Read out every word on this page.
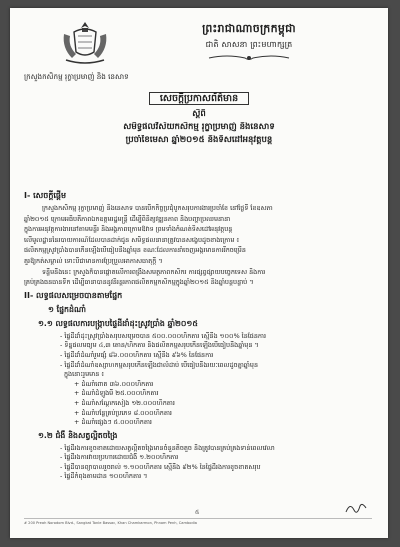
ព្រះរាជាណាចក្រកម្ពុជា
ជាតិ សាសនា ព្រះមហាក្សត្រ
ក្រសួងកសិកម្ម រុក្ខាប្រមាញ់ និង នេសាទ
សេចក្តីប្រកាសព័ត៌មាន
ស្តីពី
សមិទ្ធផលវិស័យកសិកម្ម រុក្ខាប្រមាញ់ និងនេសាទ
ប្រចាំខែមេសា ឆ្នាំ២០១៥ និងទិសដៅអនុវត្តបន្ត
I- សេចក្តីផ្តើម
ក្រសួងកសិកម្ម រុក្ខាប្រមាញ់ និងនេសាទ បានបើកកិច្ចប្រជុំបូកសរុបការងារប្រចាំខែ នៅថ្ងៃទី ខែឧសភា
ឆ្នាំ២០១៥ ក្រោមអធិបតីភាពឯកឧត្តមរដ្ឋមន្ត្រី ដើម្បីពិនិត្យវឌ្ឍនភាព និងបញ្ហាប្រឈមនានា
ក្នុងការអនុវត្តការងារនៅតាមមន្ទីរ និងអង្គភាពក្រោមឱវាទ ព្រមទាំងកំណត់ទិសដៅអនុវត្តបន្ត
លើមូលដ្ឋាននៃរបាយការណ៍ដែលបានដាក់ជូន សមិទ្ធផលនានាត្រូវបានសង្ខេបដូចខាងក្រោម ៖
ផលិតកម្មស្រូវប្រាំងបានកើនឡើងបើធៀបនឹងឆ្នាំមុន ខណៈដែលការនាំចេញអង្ករមានការរីកចម្រើន
គួរឱ្យកត់សម្គាល់ ទោះបីជាមានការប្រែប្រួលអាកាសធាតុក្តី ។
ទន្ទឹមនឹងនេះ ក្រសួងក៏បានផ្តោតលើការពង្រឹងសមត្ថភាពកសិករ ការផ្សព្វផ្សាយបច្ចេកទេស និងការ
គ្រប់គ្រងធនធានទឹក ដើម្បីធានាបាននូវនិរន្តរភាពផលិតកម្មកសិកម្មក្នុងឆ្នាំ២០១៥ និងឆ្នាំបន្តបន្ទាប់ ។
II- លទ្ធផលសម្រេចបានតាមផ្នែក
១ ផ្នែកដំណាំ
១.១ លទ្ធផលការបង្ក្រាបផ្ទៃដីដាំដុះស្រូវប្រាំង ឆ្នាំ២០១៥
- ផ្ទៃដីដាំដុះស្រូវប្រាំងសរុបសម្រេចបាន ៥០០.០០០ហិកតារ ស្មើនឹង ១០០% នៃផែនការ
- ទិន្នផលមធ្យម ៤,៣ តោន/ហិកតារ និងផលិតកម្មសរុបកើនឡើងបើធៀបនឹងឆ្នាំមុន ។
- ផ្ទៃដីដាំដំណាំរួមផ្សំ ៨៦.០០០ហិកតារ ស្មើនឹង ៩៦% នៃផែនការ
- ផ្ទៃដីដាំដំណាំឧស្សាហកម្មសរុបកើនឡើងជាលំដាប់ បើធៀបនឹងរយៈពេលដូចគ្នាឆ្នាំមុន
ក្នុងនោះរួមមាន ៖
+ ដំណាំពោត ៣៦.០០០ហិកតារ
+ ដំណាំដំឡូងមី ២៥.០០០ហិកតារ
+ ដំណាំសណ្តែកសៀង ១២.០០០ហិកតារ
+ ដំណាំបន្លែគ្រប់ប្រភេទ ៨.០០០ហិកតារ
+ ដំណាំផ្សេងៗ ៥.០០០ហិកតារ
១.២ ជំងឺ និងសត្វល្អិតចង្រៃ
- ផ្ទៃដីរងការខូចខាតដោយសត្វល្អិតចង្រៃមានចំនួនតិចតួច និងត្រូវបានគ្រប់គ្រងទាន់ពេលវេលា
- ផ្ទៃដីរងការវាយប្រហារដោយជំងឺ ១.២០០ហិកតារ
- ផ្ទៃដីបានព្យាបាលរួចរាល់ ១.១០០ហិកតារ ស្មើនឹង ៩២% នៃផ្ទៃដីរងការខូចខាតសរុប
- ផ្ទៃដីកំពុងតាមដាន ១០០ហិកតារ ។
៥
# 200 Preah Norodom Blvd., Sangkat Tonle Bassac, Khan Chamkarmon, Phnom Penh, Cambodia
